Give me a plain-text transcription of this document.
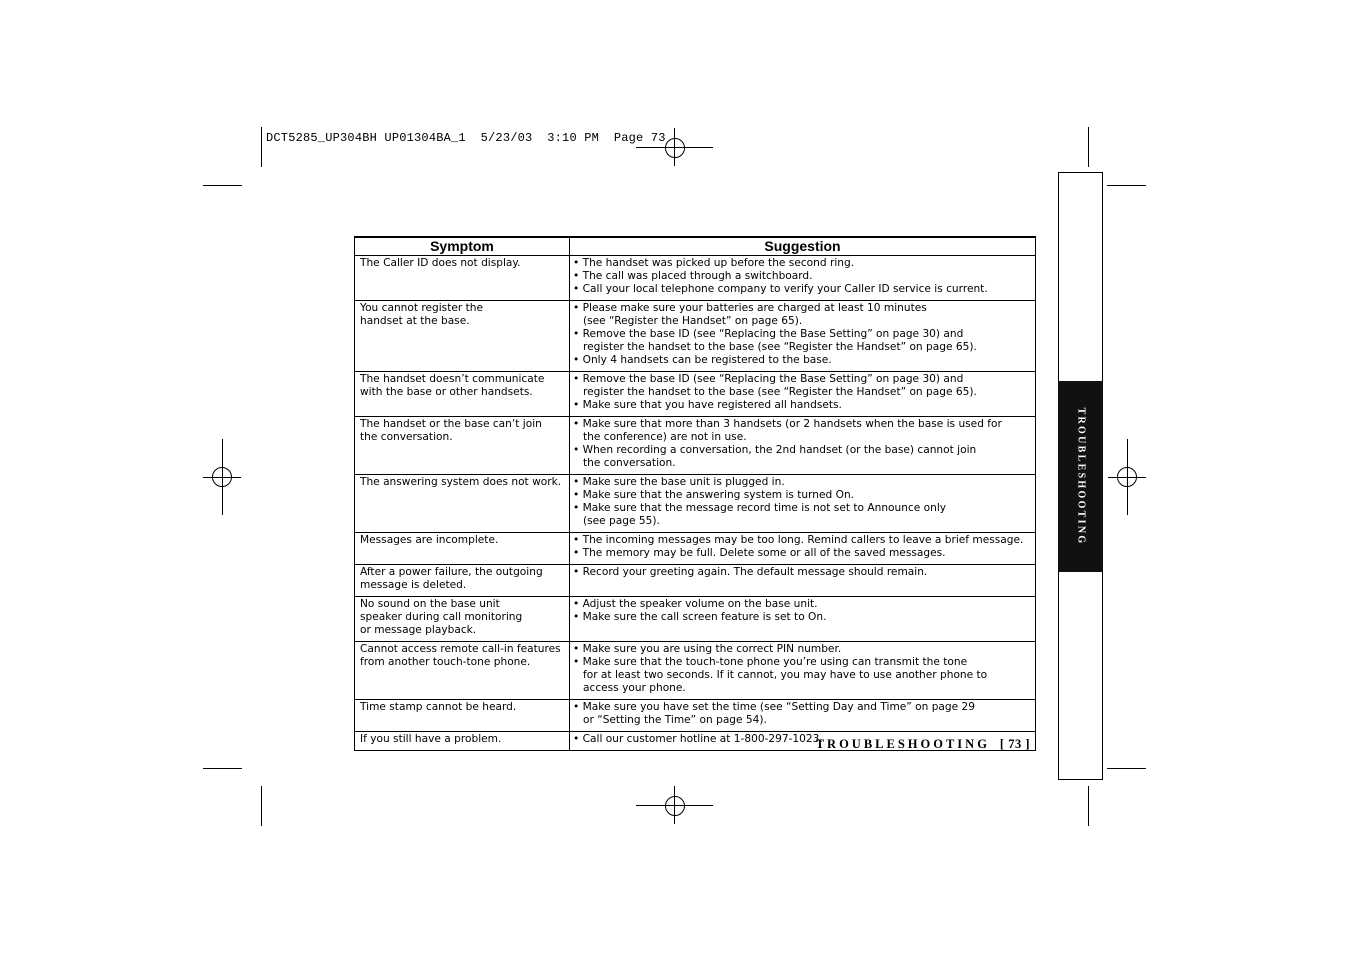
DCT5285_UP304BH UP01304BA_1  5/23/03  3:10 PM  Page 73
TROUBLESHOOTING
Symptom	Suggestion

The Caller ID does not display.	• The handset was picked up before the second ring.
• The call was placed through a switchboard.
• Call your local telephone company to verify your Caller ID service is current.

You cannot register the
handset at the base.	• Please make sure your batteries are charged at least 10 minutes
(see “Register the Handset” on page 65).
• Remove the base ID (see “Replacing the Base Setting” on page 30) and
register the handset to the base (see “Register the Handset” on page 65).
• Only 4 handsets can be registered to the base.

The handset doesn’t communicate
with the base or other handsets.	• Remove the base ID (see “Replacing the Base Setting” on page 30) and
register the handset to the base (see “Register the Handset” on page 65).
• Make sure that you have registered all handsets.

The handset or the base can’t join
the conversation.	• Make sure that more than 3 handsets (or 2 handsets when the base is used for
the conference) are not in use.
• When recording a conversation, the 2nd handset (or the base) cannot join
the conversation.

The answering system does not work.	• Make sure the base unit is plugged in.
• Make sure that the answering system is turned On.
• Make sure that the message record time is not set to Announce only
(see page 55).

Messages are incomplete.	• The incoming messages may be too long. Remind callers to leave a brief message.
• The memory may be full. Delete some or all of the saved messages.

After a power failure, the outgoing
message is deleted.	• Record your greeting again. The default message should remain.

No sound on the base unit
speaker during call monitoring
or message playback.	• Adjust the speaker volume on the base unit.
• Make sure the call screen feature is set to On.

Cannot access remote call-in features
from another touch-tone phone.	• Make sure you are using the correct PIN number.
• Make sure that the touch-tone phone you’re using can transmit the tone
for at least two seconds. If it cannot, you may have to use another phone to
access your phone.

Time stamp cannot be heard.	• Make sure you have set the time (see “Setting Day and Time” on page 29
or “Setting the Time” on page 54).

If you still have a problem.	• Call our customer hotline at 1-800-297-1023.
TROUBLESHOOTING [ 73 ]
